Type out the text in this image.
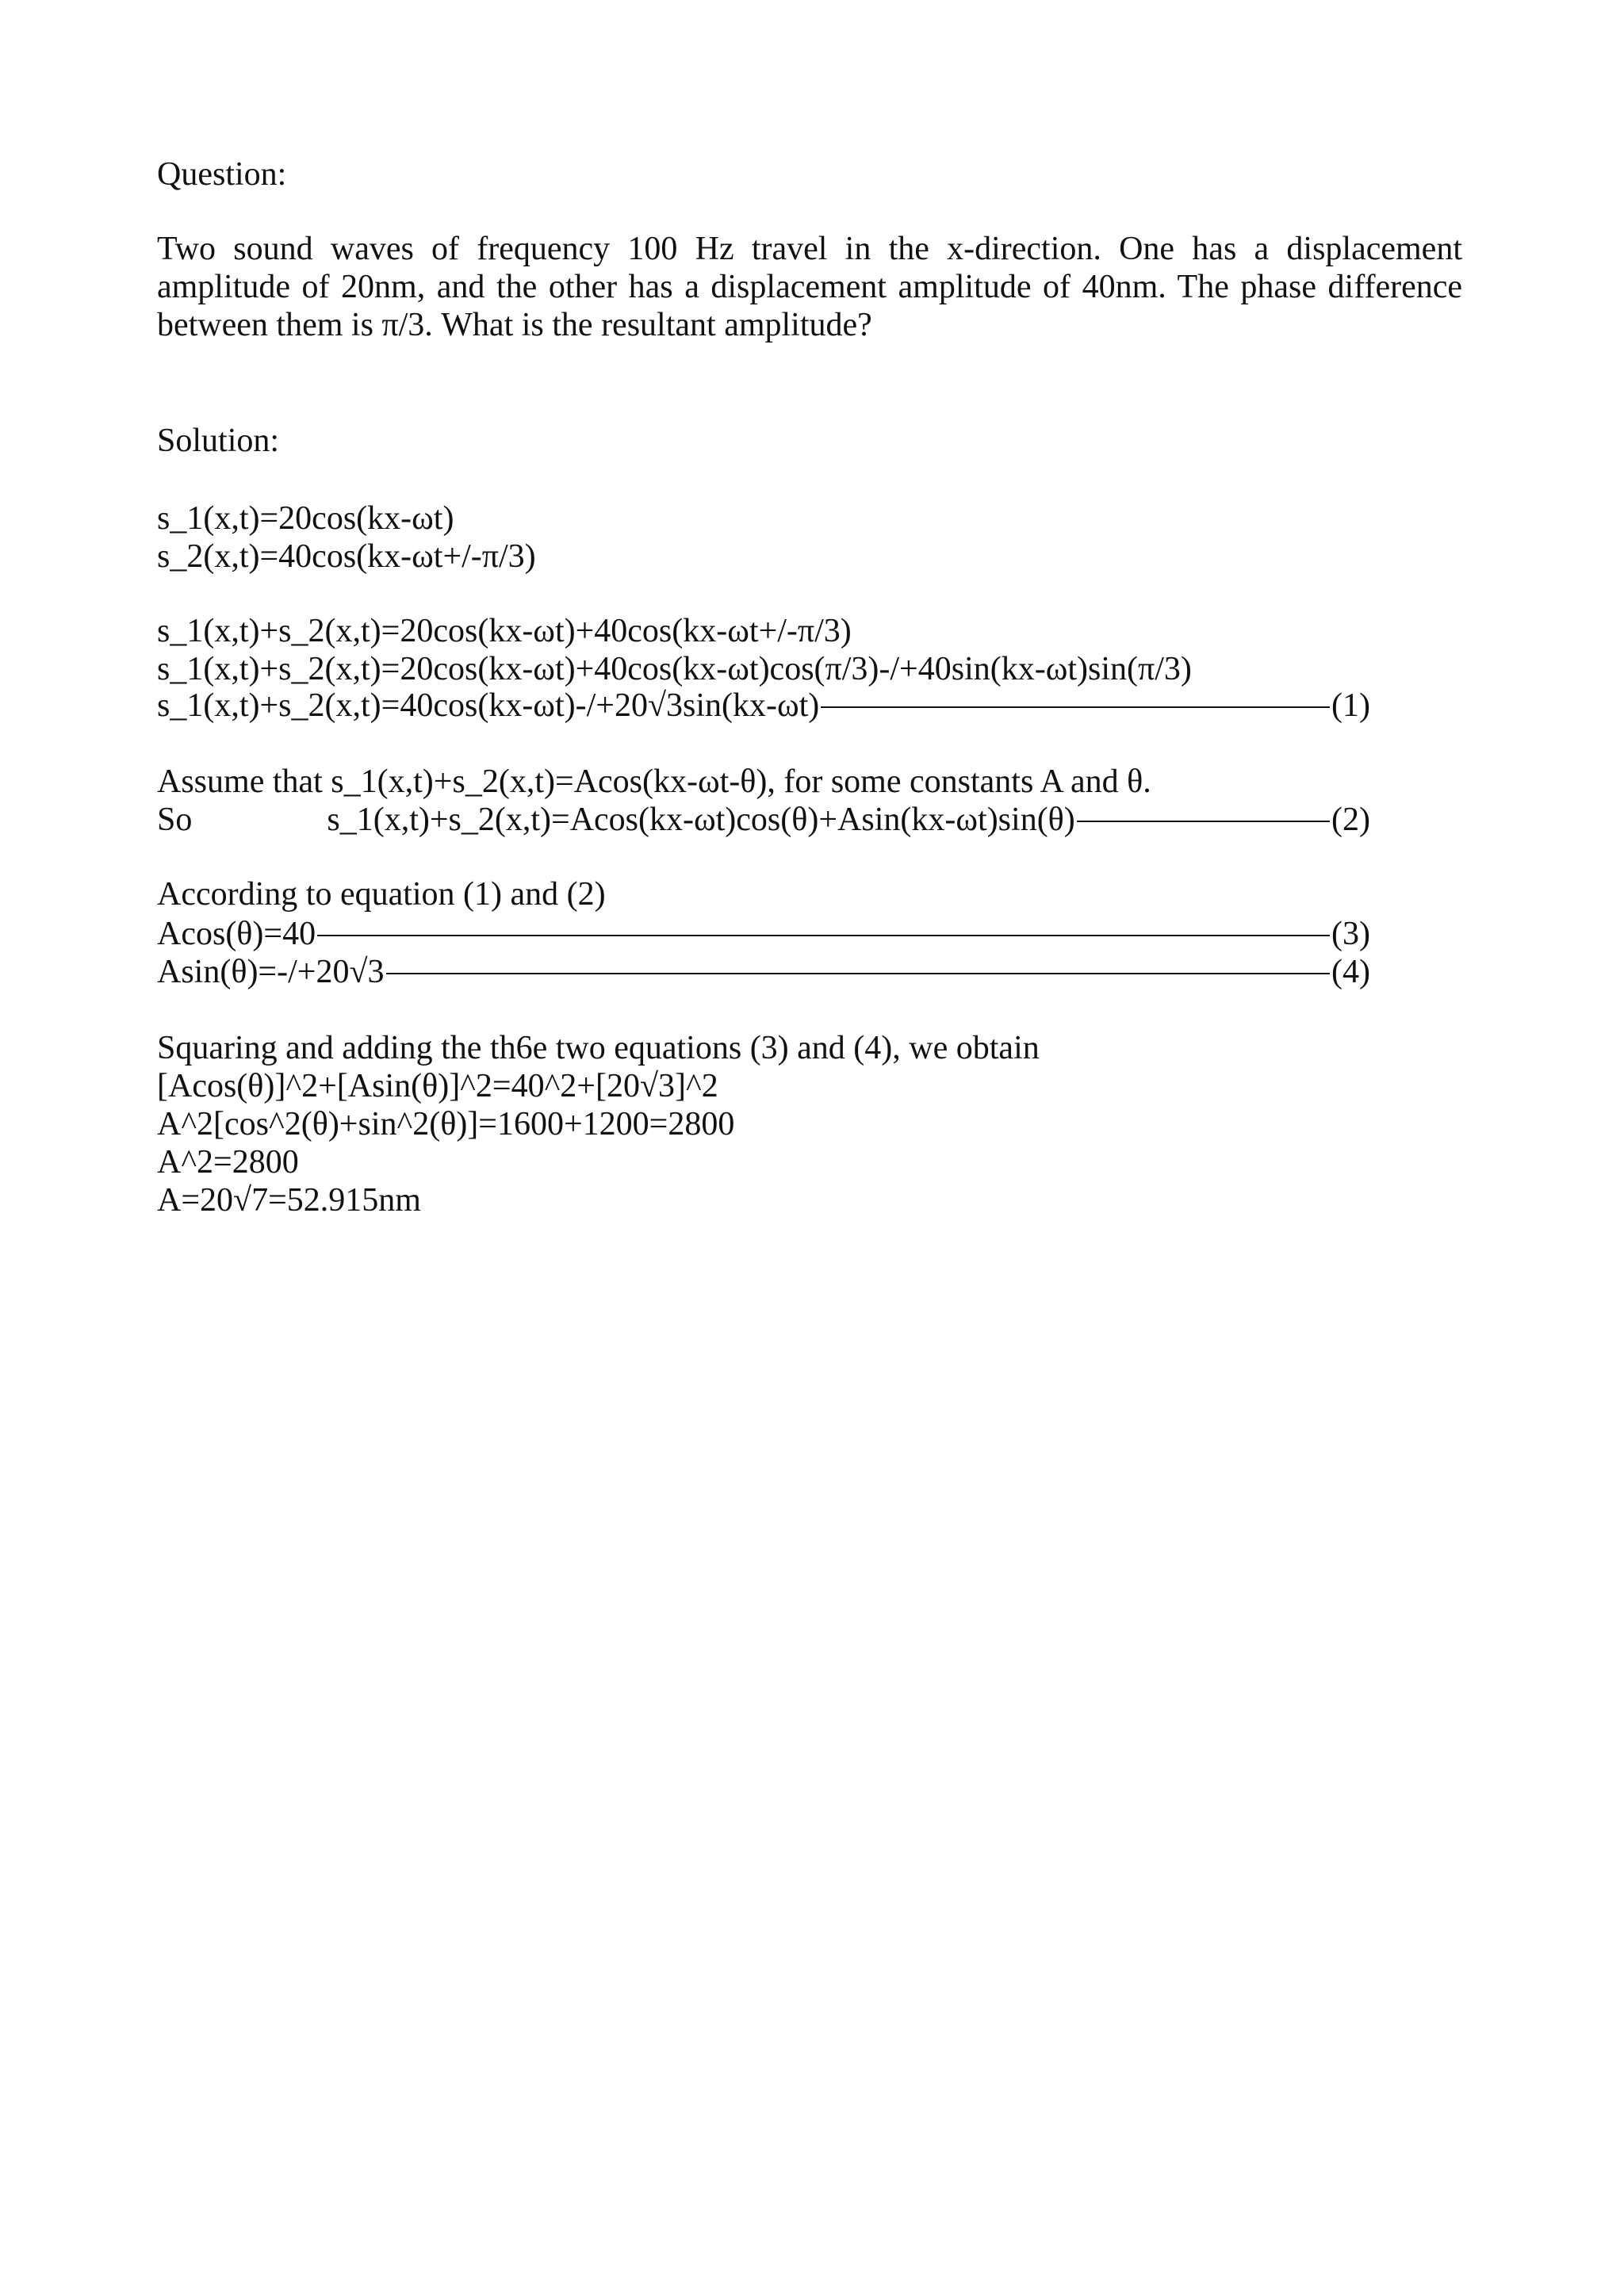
Question:
Two sound waves of frequency 100 Hz travel in the x-direction. One has a displacement amplitude of 20nm, and the other has a displacement amplitude of 40nm. The phase difference between them is π/3. What is the resultant amplitude?
Solution:
s_1(x,t)=20cos(kx-ωt)
s_2(x,t)=40cos(kx-ωt+/-π/3)
s_1(x,t)+s_2(x,t)=20cos(kx-ωt)+40cos(kx-ωt+/-π/3)
s_1(x,t)+s_2(x,t)=20cos(kx-ωt)+40cos(kx-ωt)cos(π/3)-/+40sin(kx-ωt)sin(π/3)
s_1(x,t)+s_2(x,t)=40cos(kx-ωt)-/+20√3sin(kx-ωt)	(1)
Assume that s_1(x,t)+s_2(x,t)=Acos(kx-ωt-θ), for some constants A and θ.
So	s_1(x,t)+s_2(x,t)=Acos(kx-ωt)cos(θ)+Asin(kx-ωt)sin(θ)	(2)
According to equation (1) and (2)
Acos(θ)=40	(3)
Asin(θ)=-/+20√3	(4)
Squaring and adding the th6e two equations (3) and (4), we obtain
[Acos(θ)]^2+[Asin(θ)]^2=40^2+[20√3]^2
A^2[cos^2(θ)+sin^2(θ)]=1600+1200=2800
A^2=2800
A=20√7=52.915nm
